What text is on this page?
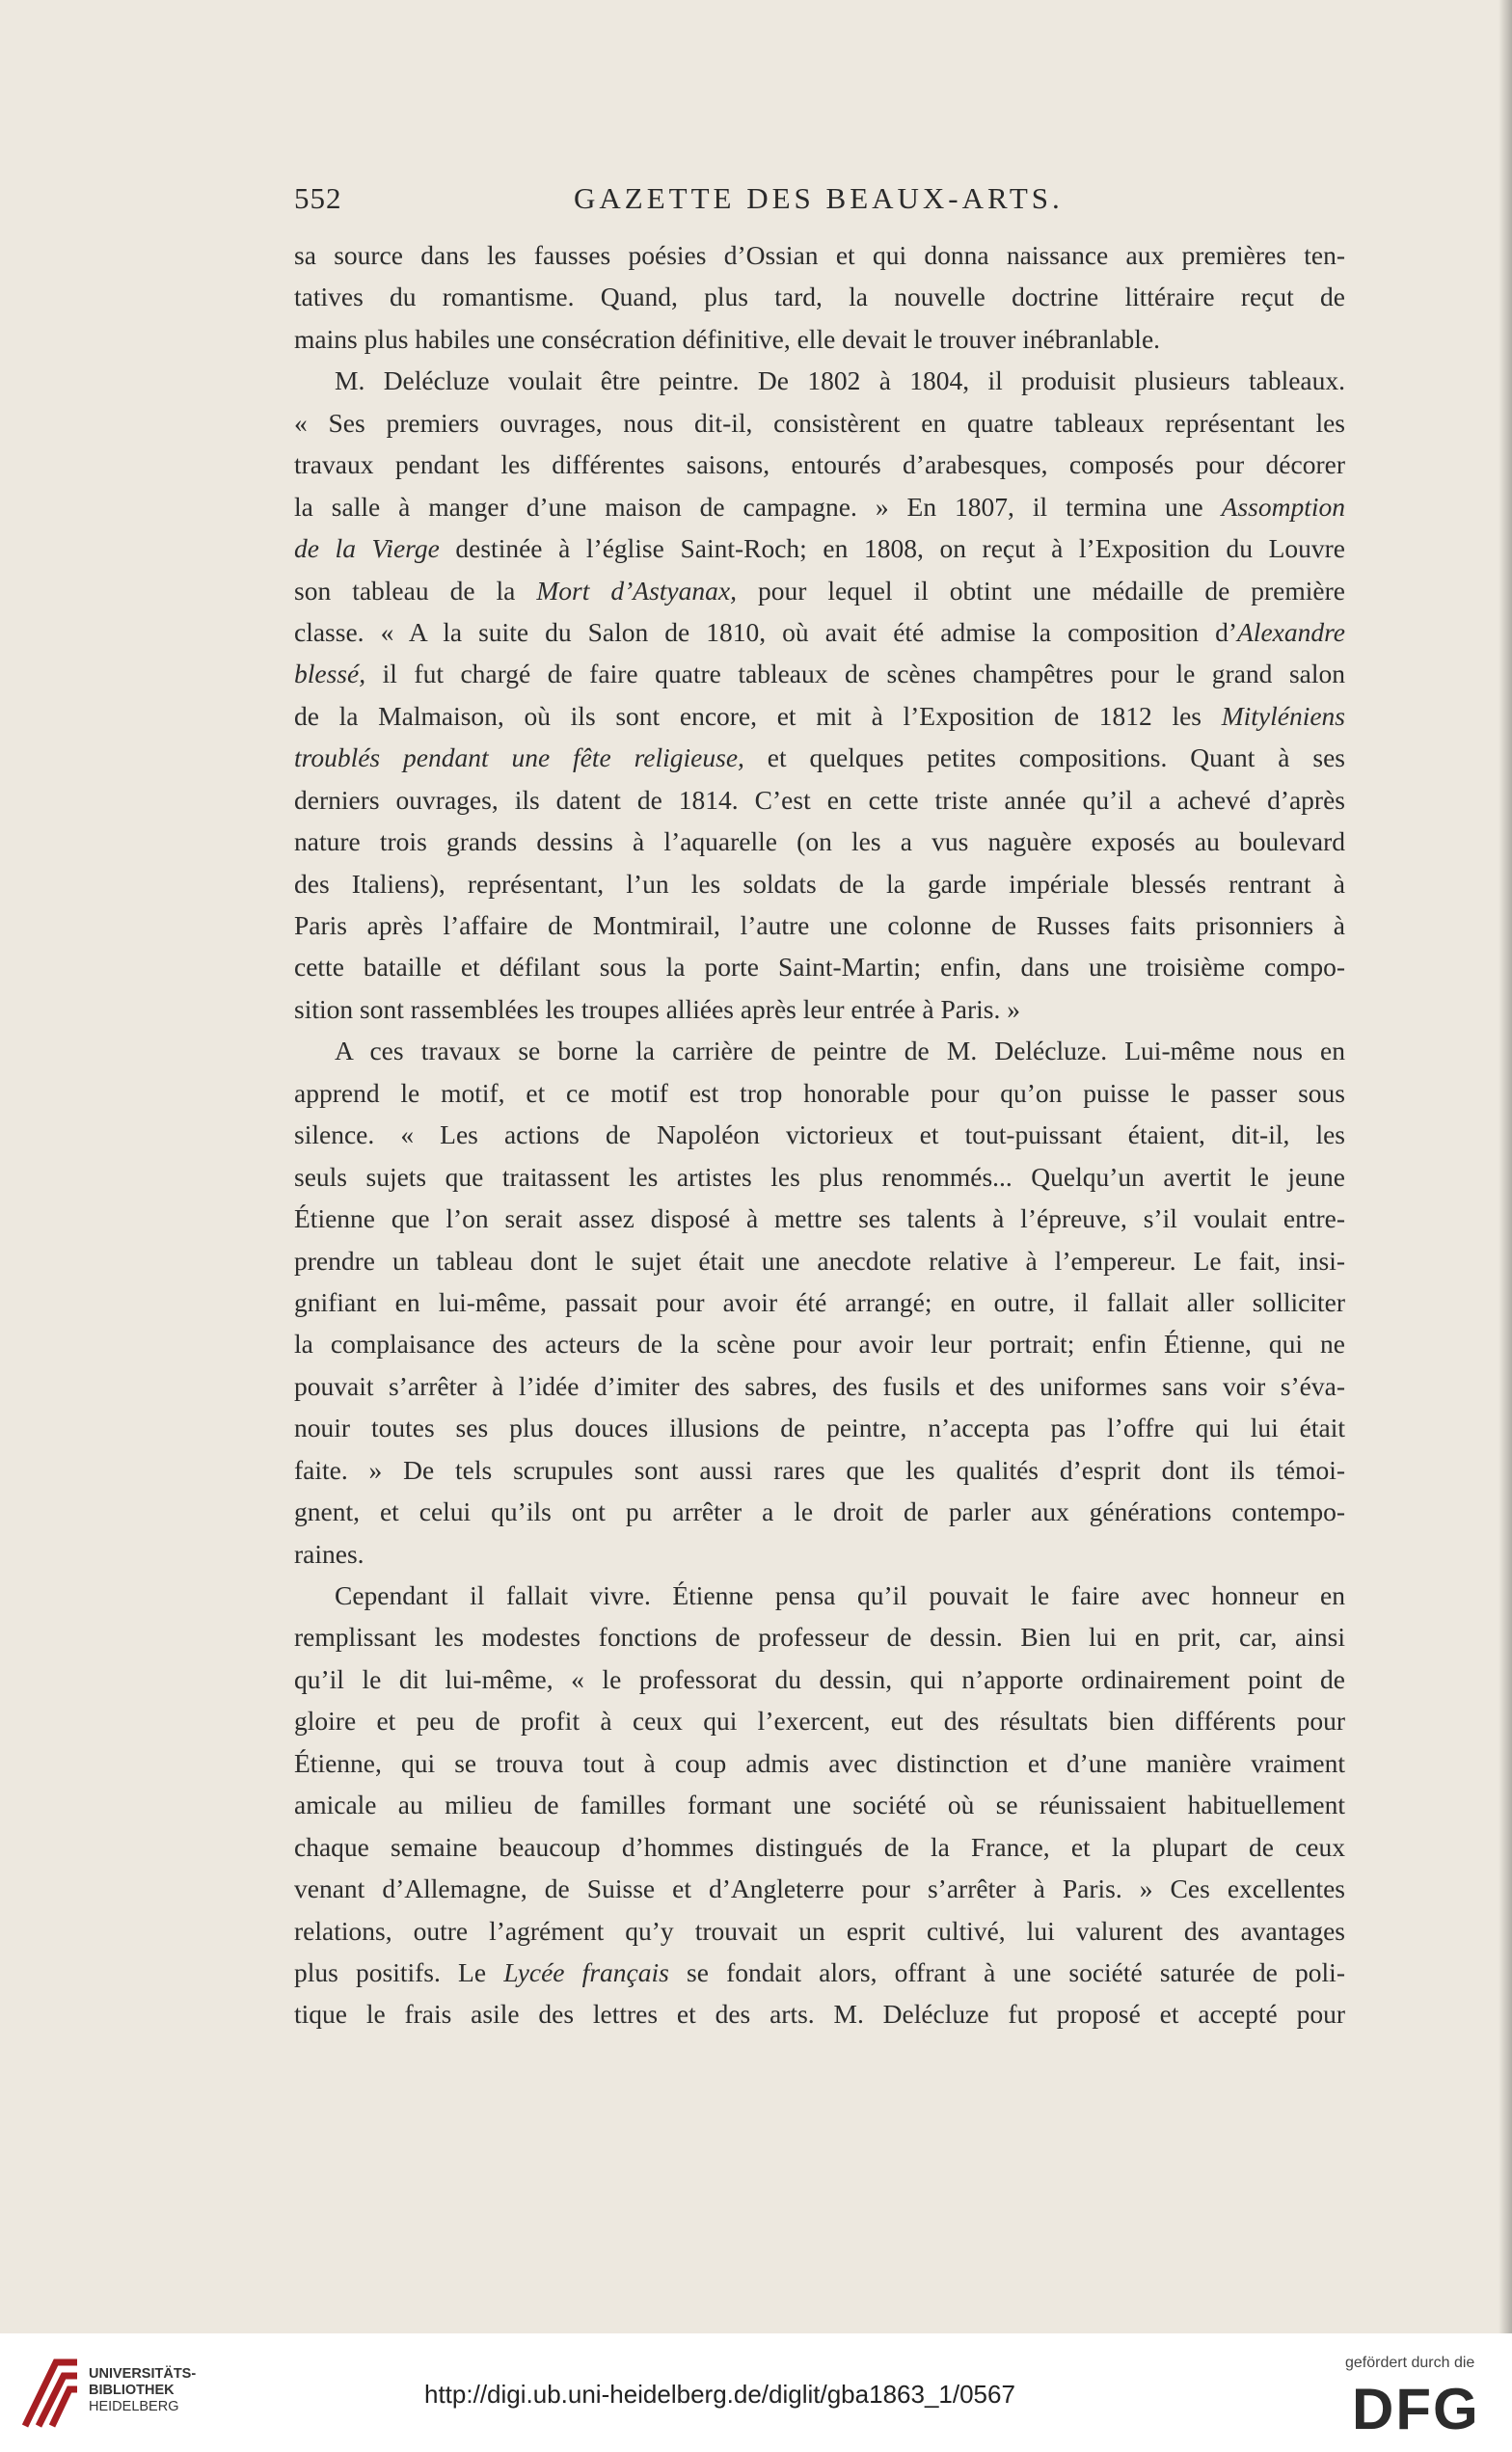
552	GAZETTE DES BEAUX-ARTS.
sa source dans les fausses poésies d’Ossian et qui donna naissance aux premières ten-
tatives du romantisme. Quand, plus tard, la nouvelle doctrine littéraire reçut de
mains plus habiles une consécration définitive, elle devait le trouver inébranlable.
M. Delécluze voulait être peintre. De 1802 à 1804, il produisit plusieurs tableaux.
« Ses premiers ouvrages, nous dit-il, consistèrent en quatre tableaux représentant les
travaux pendant les différentes saisons, entourés d’arabesques, composés pour décorer
la salle à manger d’une maison de campagne. » En 1807, il termina une Assomption
de la Vierge destinée à l’église Saint-Roch; en 1808, on reçut à l’Exposition du Louvre
son tableau de la Mort d’Astyanax, pour lequel il obtint une médaille de première
classe. « A la suite du Salon de 1810, où avait été admise la composition d’Alexandre
blessé, il fut chargé de faire quatre tableaux de scènes champêtres pour le grand salon
de la Malmaison, où ils sont encore, et mit à l’Exposition de 1812 les Mityléniens
troublés pendant une fête religieuse, et quelques petites compositions. Quant à ses
derniers ouvrages, ils datent de 1814. C’est en cette triste année qu’il a achevé d’après
nature trois grands dessins à l’aquarelle (on les a vus naguère exposés au boulevard
des Italiens), représentant, l’un les soldats de la garde impériale blessés rentrant à
Paris après l’affaire de Montmirail, l’autre une colonne de Russes faits prisonniers à
cette bataille et défilant sous la porte Saint-Martin; enfin, dans une troisième compo-
sition sont rassemblées les troupes alliées après leur entrée à Paris. »
A ces travaux se borne la carrière de peintre de M. Delécluze. Lui-même nous en
apprend le motif, et ce motif est trop honorable pour qu’on puisse le passer sous
silence. « Les actions de Napoléon victorieux et tout-puissant étaient, dit-il, les
seuls sujets que traitassent les artistes les plus renommés... Quelqu’un avertit le jeune
Étienne que l’on serait assez disposé à mettre ses talents à l’épreuve, s’il voulait entre-
prendre un tableau dont le sujet était une anecdote relative à l’empereur. Le fait, insi-
gnifiant en lui-même, passait pour avoir été arrangé; en outre, il fallait aller solliciter
la complaisance des acteurs de la scène pour avoir leur portrait; enfin Étienne, qui ne
pouvait s’arrêter à l’idée d’imiter des sabres, des fusils et des uniformes sans voir s’éva-
nouir toutes ses plus douces illusions de peintre, n’accepta pas l’offre qui lui était
faite. » De tels scrupules sont aussi rares que les qualités d’esprit dont ils témoi-
gnent, et celui qu’ils ont pu arrêter a le droit de parler aux générations contempo-
raines.
Cependant il fallait vivre. Étienne pensa qu’il pouvait le faire avec honneur en
remplissant les modestes fonctions de professeur de dessin. Bien lui en prit, car, ainsi
qu’il le dit lui-même, « le professorat du dessin, qui n’apporte ordinairement point de
gloire et peu de profit à ceux qui l’exercent, eut des résultats bien différents pour
Étienne, qui se trouva tout à coup admis avec distinction et d’une manière vraiment
amicale au milieu de familles formant une société où se réunissaient habituellement
chaque semaine beaucoup d’hommes distingués de la France, et la plupart de ceux
venant d’Allemagne, de Suisse et d’Angleterre pour s’arrêter à Paris. » Ces excellentes
relations, outre l’agrément qu’y trouvait un esprit cultivé, lui valurent des avantages
plus positifs. Le Lycée français se fondait alors, offrant à une société saturée de poli-
tique le frais asile des lettres et des arts. M. Delécluze fut proposé et accepté pour
UNIVERSITÄTS-
BIBLIOTHEK
HEIDELBERG	http://digi.ub.uni-heidelberg.de/diglit/gba1863_1/0567
gefördert durch die
DFG
